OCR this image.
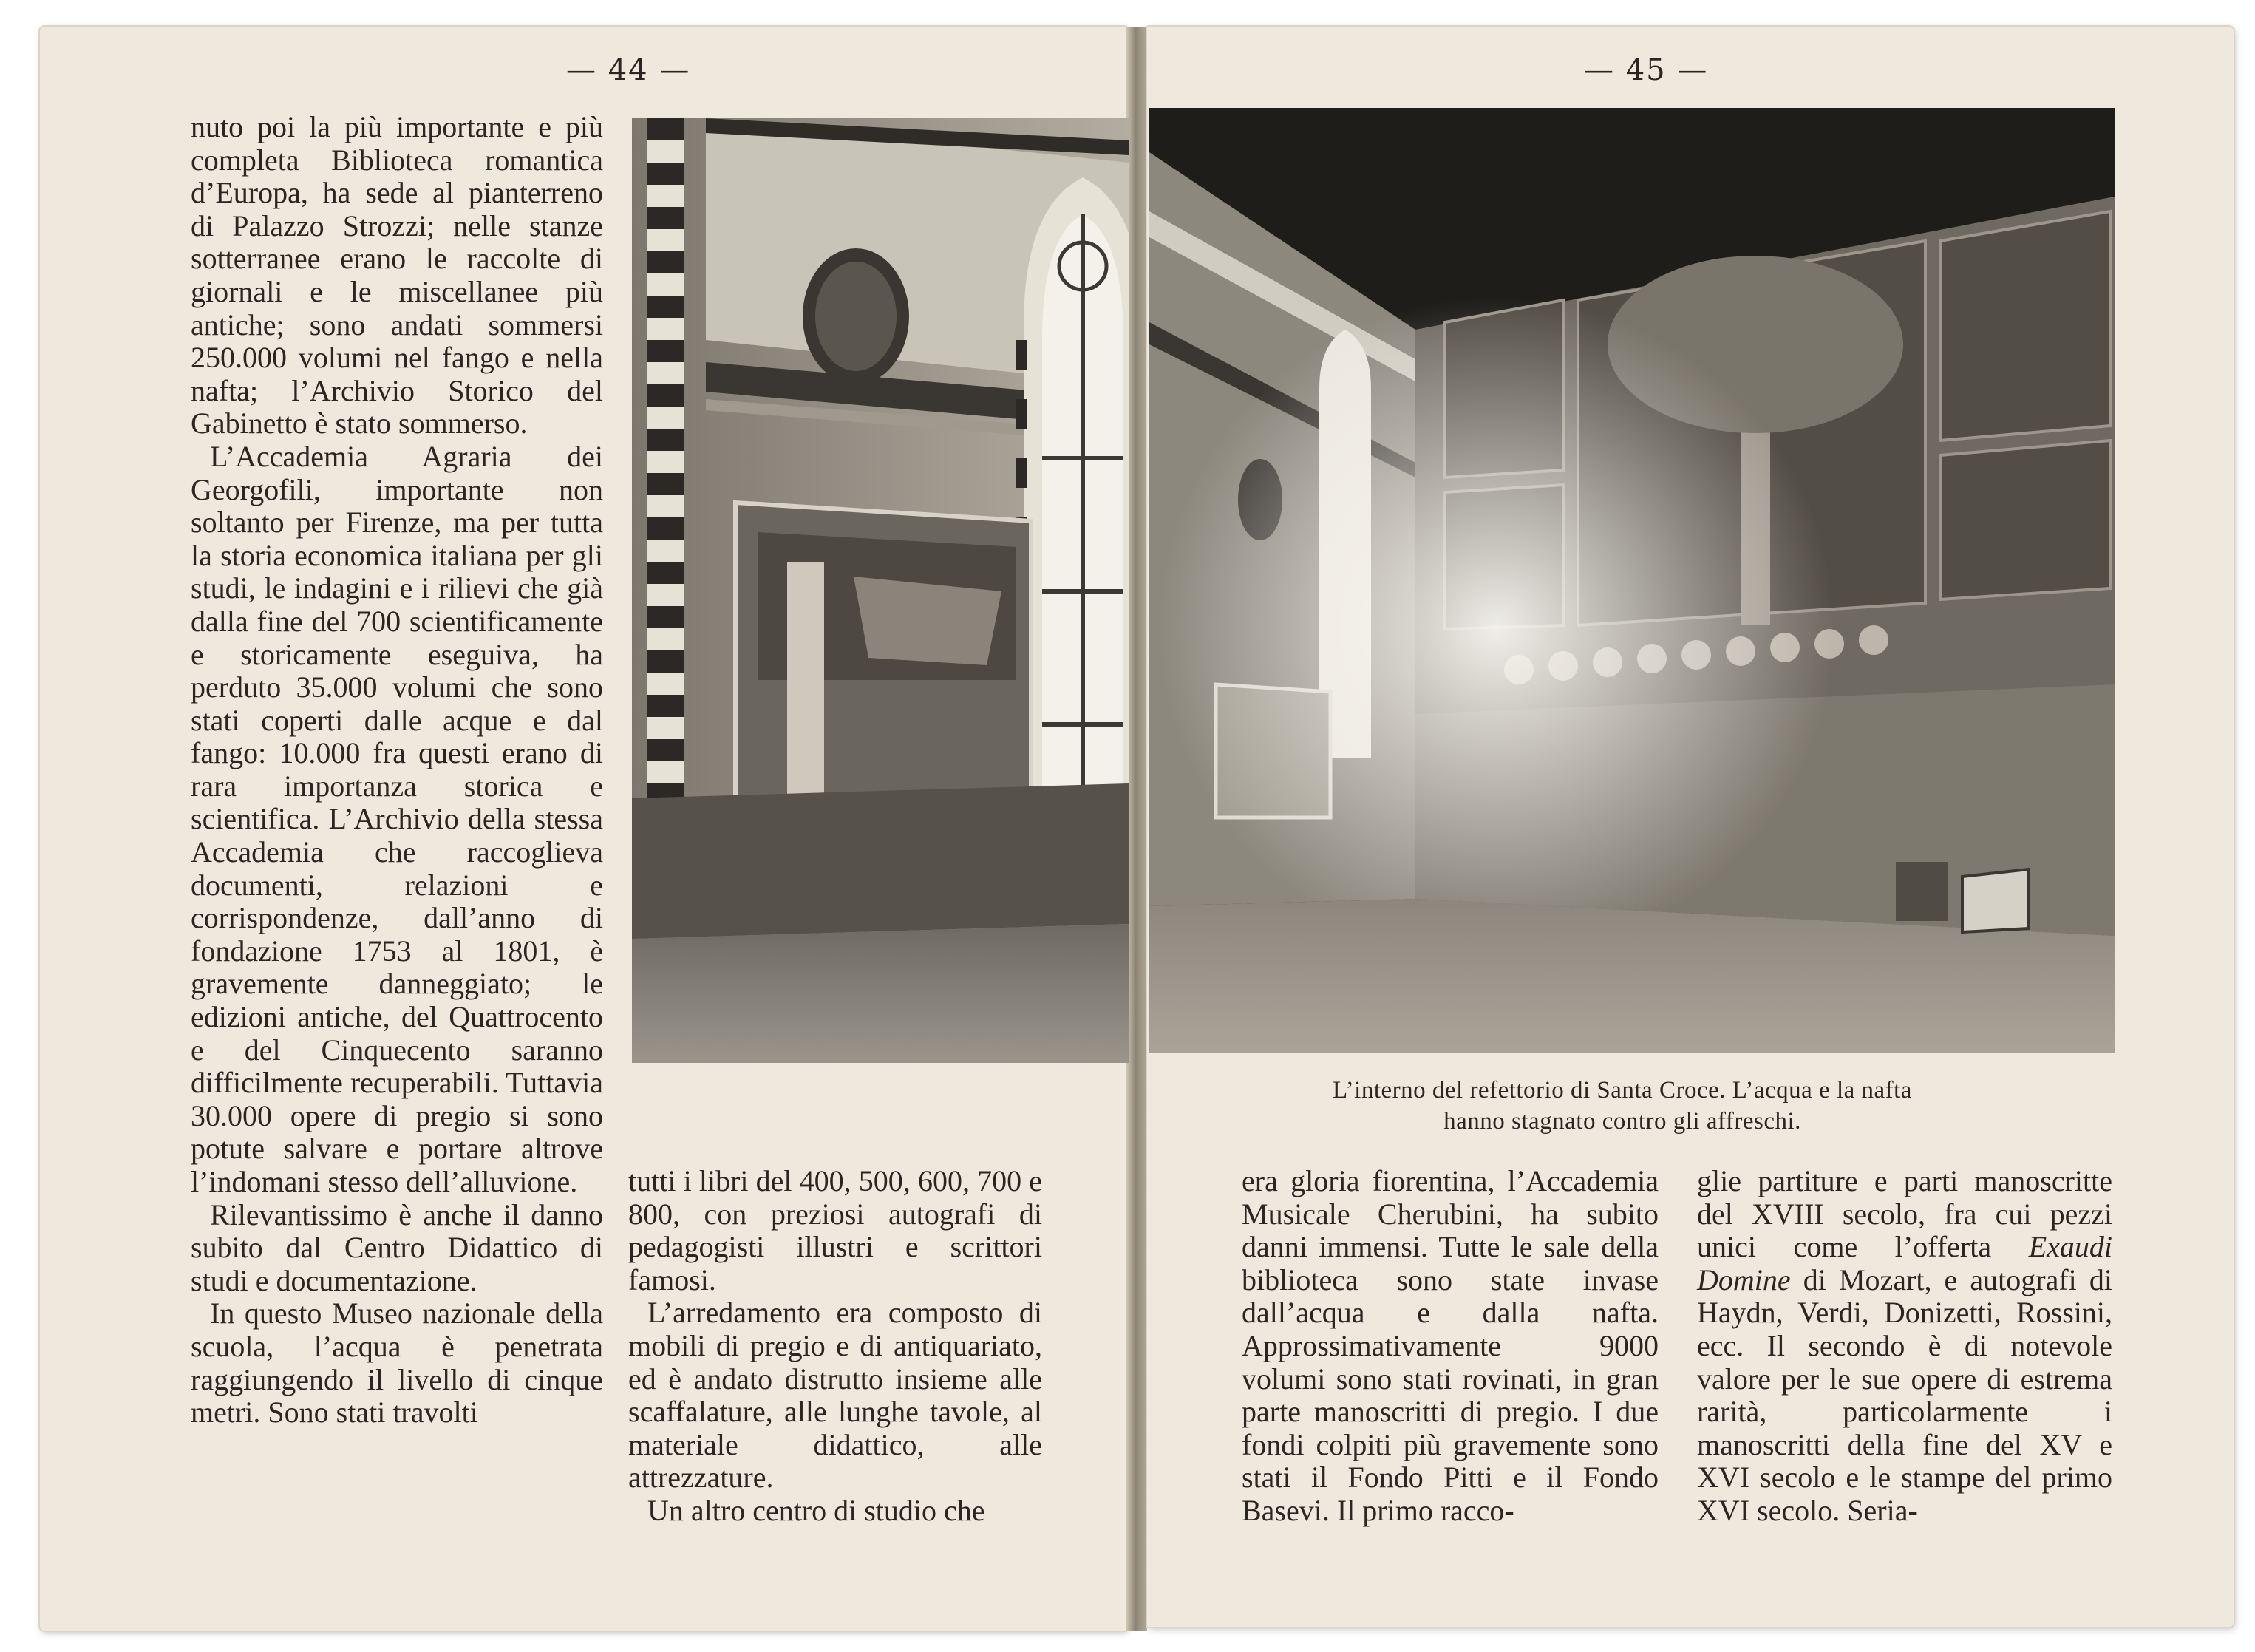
— 44 —	— 45 —

nuto poi la più importante e più completa Biblioteca romantica d’Europa, ha sede al pianterreno di Palazzo Strozzi; nelle stanze sotterranee erano le raccolte di giornali e le miscellanee più antiche; sono andati sommersi 250.000 volumi nel fango e nella nafta; l’Archivio Storico del Gabinetto è stato sommerso.

L’Accademia Agraria dei Georgofili, importante non soltanto per Firenze, ma per tutta la storia economica italiana per gli studi, le indagini e i rilievi che già dalla fine del 700 scientificamente e storicamente eseguiva, ha perduto 35.000 volumi che sono stati coperti dalle acque e dal fango: 10.000 fra questi erano di rara importanza storica e scientifica. L’Archivio della stessa Accademia che raccoglieva documenti, relazioni e corrispondenze, dall’anno di fondazione 1753 al 1801, è gravemente danneggiato; le edizioni antiche, del Quattrocento e del Cinquecento saranno difficilmente recuperabili. Tuttavia 30.000 opere di pregio si sono potute salvare e portare altrove l’indomani stesso dell’alluvione.

Rilevantissimo è anche il danno subito dal Centro Didattico di studi e documentazione.

In questo Museo nazionale della scuola, l’acqua è penetrata raggiungendo il livello di cinque metri. Sono stati travolti

tutti i libri del 400, 500, 600, 700 e 800, con preziosi autografi di pedagogisti illustri e scrittori famosi.

L’arredamento era composto di mobili di pregio e di antiquariato, ed è andato distrutto insieme alle scaffalature, alle lunghe tavole, al materiale didattico, alle attrezzature.

Un altro centro di studio che

L’interno del refettorio di Santa Croce. L’acqua e la nafta
hanno stagnato contro gli affreschi.

era gloria fiorentina, l’Accademia Musicale Cherubini, ha subito danni immensi. Tutte le sale della biblioteca sono state invase dall’acqua e dalla nafta. Approssimativamente 9000 volumi sono stati rovinati, in gran parte manoscritti di pregio. I due fondi colpiti più gravemente sono stati il Fondo Pitti e il Fondo Basevi. Il primo racco-

glie partiture e parti manoscritte del XVIII secolo, fra cui pezzi unici come l’offerta Exaudi Domine di Mozart, e autografi di Haydn, Verdi, Donizetti, Rossini, ecc. Il secondo è di notevole valore per le sue opere di estrema rarità, particolarmente i manoscritti della fine del XV e XVI secolo e le stampe del primo XVI secolo. Seria-
